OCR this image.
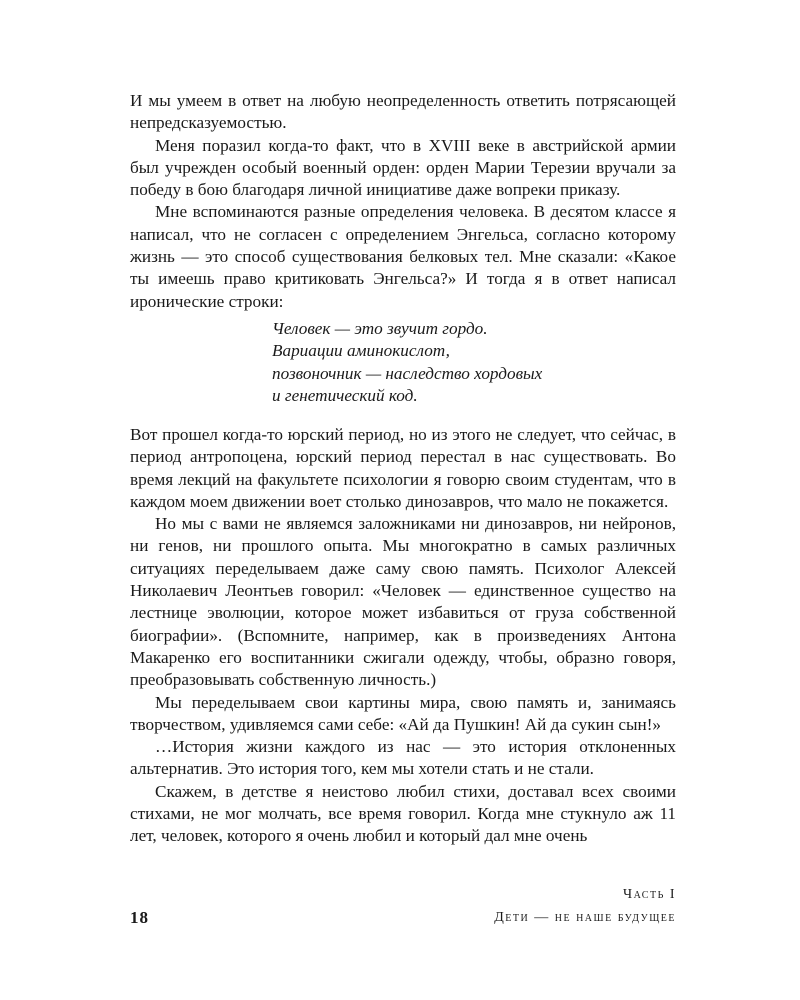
И мы умеем в ответ на любую неопределенность ответить потрясающей непредсказуемостью.

Меня поразил когда-то факт, что в XVIII веке в австрийской армии был учрежден особый военный орден: орден Марии Терезии вручали за победу в бою благодаря личной инициативе даже вопреки приказу.

Мне вспоминаются разные определения человека. В десятом классе я написал, что не согласен с определением Энгельса, согласно которому жизнь — это способ существования белковых тел. Мне сказали: «Какое ты имеешь право критиковать Энгельса?» И тогда я в ответ написал иронические строки:

Человек — это звучит гордо.
Вариации аминокислот,
позвоночник — наследство хордовых
и генетический код.

Вот прошел когда-то юрский период, но из этого не следует, что сейчас, в период антропоцена, юрский период перестал в нас существовать. Во время лекций на факультете психологии я говорю своим студентам, что в каждом моем движении воет столько динозавров, что мало не покажется.

Но мы с вами не являемся заложниками ни динозавров, ни нейронов, ни генов, ни прошлого опыта. Мы многократно в самых различных ситуациях переделываем даже саму свою память. Психолог Алексей Николаевич Леонтьев говорил: «Человек — единственное существо на лестнице эволюции, которое может избавиться от груза собственной биографии». (Вспомните, например, как в произведениях Антона Макаренко его воспитанники сжигали одежду, чтобы, образно говоря, преобразовывать собственную личность.)

Мы переделываем свои картины мира, свою память и, занимаясь творчеством, удивляемся сами себе: «Ай да Пушкин! Ай да сукин сын!»

…История жизни каждого из нас — это история отклоненных альтернатив. Это история того, кем мы хотели стать и не стали.

Скажем, в детстве я неистово любил стихи, доставал всех своими стихами, не мог молчать, все время говорил. Когда мне стукнуло аж 11 лет, человек, которого я очень любил и который дал мне очень

18
Часть I
Дети — не наше будущее
